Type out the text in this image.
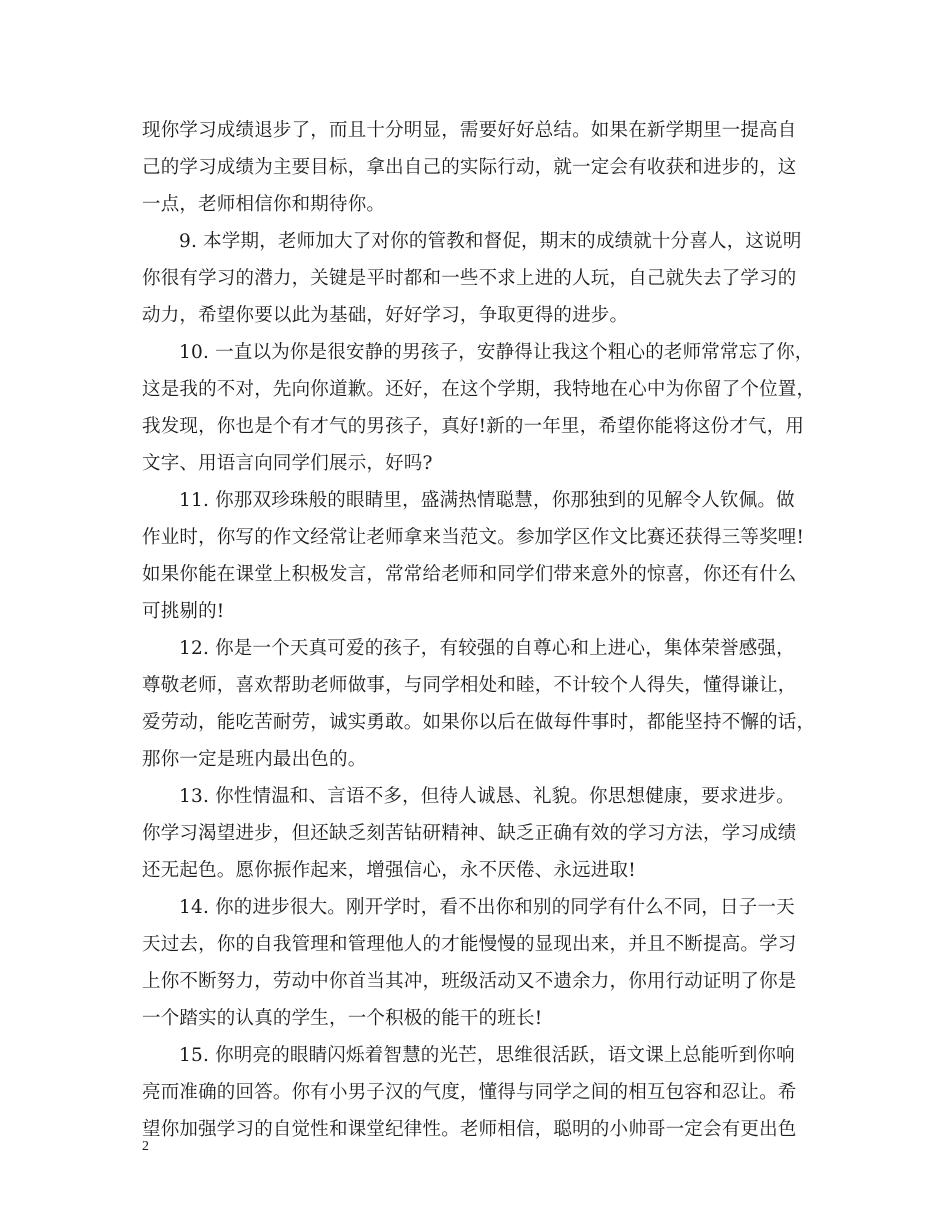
现你学习成绩退步了，而且十分明显，需要好好总结。如果在新学期里一提高自
己的学习成绩为主要目标，拿出自己的实际行动，就一定会有收获和进步的，这
一点，老师相信你和期待你。
9. 本学期，老师加大了对你的管教和督促，期末的成绩就十分喜人，这说明
你很有学习的潜力，关键是平时都和一些不求上进的人玩，自己就失去了学习的
动力，希望你要以此为基础，好好学习，争取更得的进步。
10. 一直以为你是很安静的男孩子，安静得让我这个粗心的老师常常忘了你，
这是我的不对，先向你道歉。还好，在这个学期，我特地在心中为你留了个位置，
我发现，你也是个有才气的男孩子，真好!新的一年里，希望你能将这份才气，用
文字、用语言向同学们展示，好吗?
11. 你那双珍珠般的眼睛里，盛满热情聪慧，你那独到的见解令人钦佩。做
作业时，你写的作文经常让老师拿来当范文。参加学区作文比赛还获得三等奖哩!
如果你能在课堂上积极发言，常常给老师和同学们带来意外的惊喜，你还有什么
可挑剔的!
12. 你是一个天真可爱的孩子，有较强的自尊心和上进心，集体荣誉感强，
尊敬老师，喜欢帮助老师做事，与同学相处和睦，不计较个人得失，懂得谦让，
爱劳动，能吃苦耐劳，诚实勇敢。如果你以后在做每件事时，都能坚持不懈的话，
那你一定是班内最出色的。
13. 你性情温和、言语不多，但待人诚恳、礼貌。你思想健康，要求进步。
你学习渴望进步，但还缺乏刻苦钻研精神、缺乏正确有效的学习方法，学习成绩
还无起色。愿你振作起来，增强信心，永不厌倦、永远进取!
14. 你的进步很大。刚开学时，看不出你和别的同学有什么不同，日子一天
天过去，你的自我管理和管理他人的才能慢慢的显现出来，并且不断提高。学习
上你不断努力，劳动中你首当其冲，班级活动又不遗余力，你用行动证明了你是
一个踏实的认真的学生，一个积极的能干的班长!
15. 你明亮的眼睛闪烁着智慧的光芒，思维很活跃，语文课上总能听到你响
亮而准确的回答。你有小男子汉的气度，懂得与同学之间的相互包容和忍让。希
望你加强学习的自觉性和课堂纪律性。老师相信，聪明的小帅哥一定会有更出色
2
